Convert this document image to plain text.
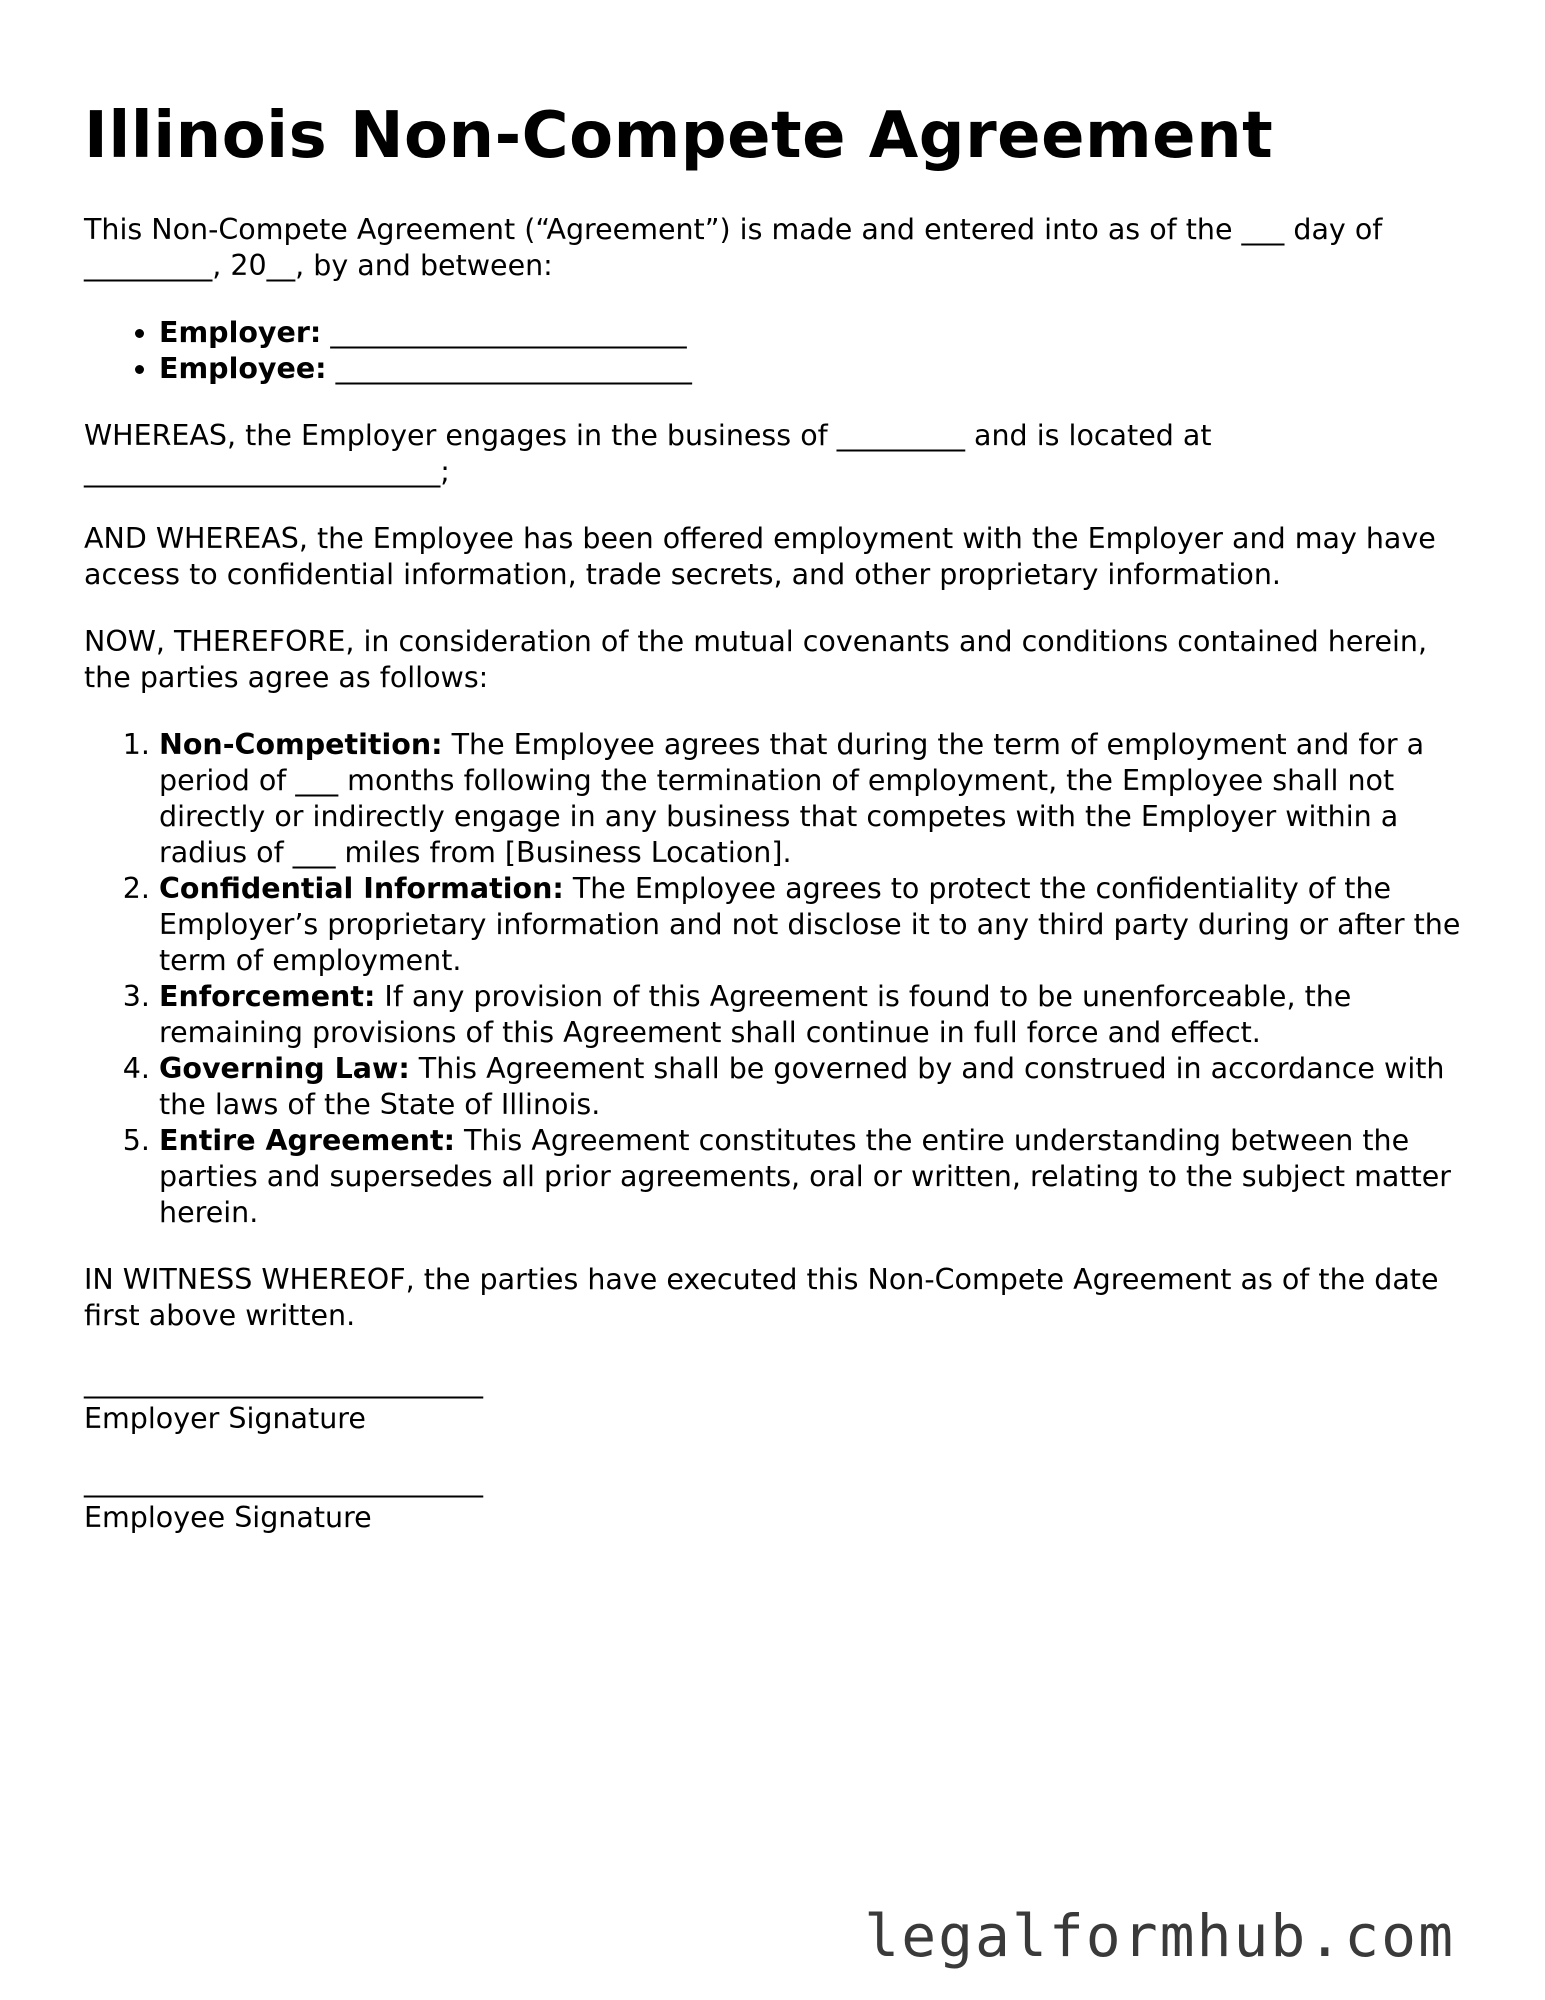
Illinois Non-Compete Agreement

This Non-Compete Agreement (“Agreement”) is made and entered into as of the ___ day of _________, 20__, by and between:

• Employer: _________________________
• Employee: _________________________

WHEREAS, the Employer engages in the business of _________ and is located at _________________________;

AND WHEREAS, the Employee has been offered employment with the Employer and may have access to confidential information, trade secrets, and other proprietary information.

NOW, THEREFORE, in consideration of the mutual covenants and conditions contained herein, the parties agree as follows:

1. Non-Competition: The Employee agrees that during the term of employment and for a period of ___ months following the termination of employment, the Employee shall not directly or indirectly engage in any business that competes with the Employer within a radius of ___ miles from [Business Location].
2. Confidential Information: The Employee agrees to protect the confidentiality of the Employer’s proprietary information and not disclose it to any third party during or after the term of employment.
3. Enforcement: If any provision of this Agreement is found to be unenforceable, the remaining provisions of this Agreement shall continue in full force and effect.
4. Governing Law: This Agreement shall be governed by and construed in accordance with the laws of the State of Illinois.
5. Entire Agreement: This Agreement constitutes the entire understanding between the parties and supersedes all prior agreements, oral or written, relating to the subject matter herein.

IN WITNESS WHEREOF, the parties have executed this Non-Compete Agreement as of the date first above written.

____________________________
Employer Signature
____________________________
Employee Signature
legalformhub.com
